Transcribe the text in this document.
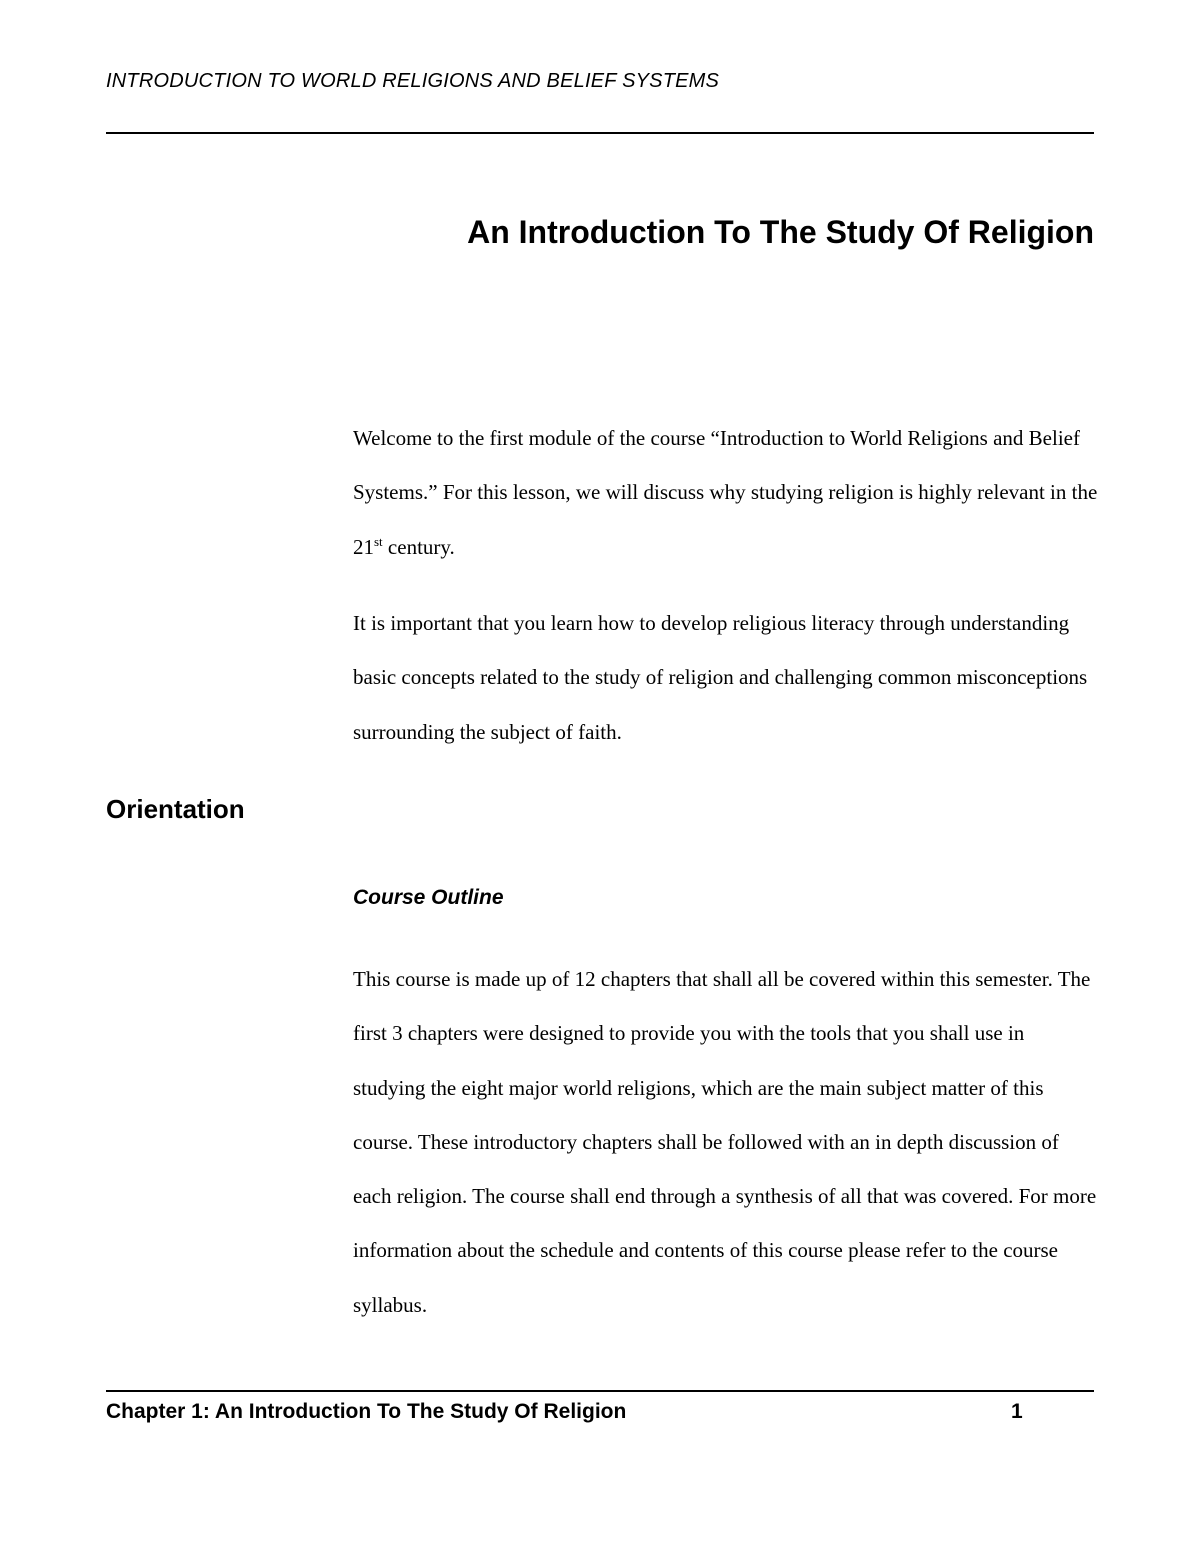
INTRODUCTION TO WORLD RELIGIONS AND BELIEF SYSTEMS
An Introduction To The Study Of Religion

Welcome to the first module of the course “Introduction to World Religions and Belief Systems.” For this lesson, we will discuss why studying religion is highly relevant in the 21st century.

It is important that you learn how to develop religious literacy through understanding basic concepts related to the study of religion and challenging common misconceptions surrounding the subject of faith.

Orientation
Course Outline

This course is made up of 12 chapters that shall all be covered within this semester. The first 3 chapters were designed to provide you with the tools that you shall use in studying the eight major world religions, which are the main subject matter of this course. These introductory chapters shall be followed with an in depth discussion of each religion. The course shall end through a synthesis of all that was covered. For more information about the schedule and contents of this course please refer to the course syllabus.

Chapter 1: An Introduction To The Study Of Religion	1
